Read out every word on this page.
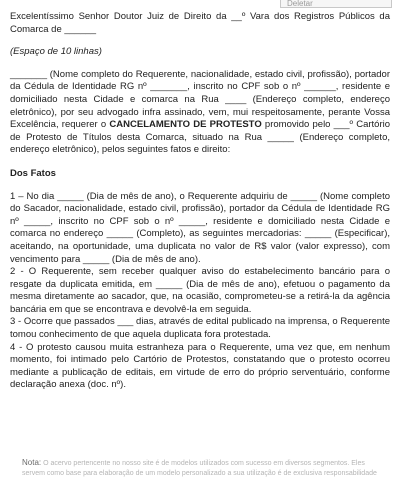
Deletar

Excelentíssimo Senhor Doutor Juiz de Direito da __º Vara dos Registros Públicos da Comarca de ______

(Espaço de 10 linhas)

_______ (Nome completo do Requerente, nacionalidade, estado civil, profissão), portador da Cédula de Identidade RG nº _______, inscrito no CPF sob o nº ______, residente e domiciliado nesta Cidade e comarca na Rua ____ (Endereço completo, endereço eletrônico), por seu advogado infra assinado, vem, mui respeitosamente, perante Vossa Excelência, requerer o CANCELAMENTO DE PROTESTO promovido pelo ___º Cartório de Protesto de Títulos desta Comarca, situado na Rua _____ (Endereço completo, endereço eletrônico), pelos seguintes fatos e direito:

Dos Fatos

1 – No dia _____ (Dia de mês de ano), o Requerente adquiriu de _____ (Nome completo do Sacador, nacionalidade, estado civil, profissão), portador da Cédula de Identidade RG nº _____, inscrito no CPF sob o nº _____, residente e domiciliado nesta Cidade e comarca no endereço _____ (Completo), as seguintes mercadorias: _____ (Especificar), aceitando, na oportunidade, uma duplicata no valor de R$ valor (valor expresso), com vencimento para _____ (Dia de mês de ano).

2 - O Requerente, sem receber qualquer aviso do estabelecimento bancário para o resgate da duplicata emitida, em _____ (Dia de mês de ano), efetuou o pagamento da mesma diretamente ao sacador, que, na ocasião, comprometeu-se a retirá-la da agência bancária em que se encontrava e devolvê-la em seguida.

3 - Ocorre que passados ___ dias, através de edital publicado na imprensa, o Requerente tomou conhecimento de que aquela duplicata fora protestada.

4 - O protesto causou muita estranheza para o Requerente, uma vez que, em nenhum momento, foi intimado pelo Cartório de Protestos, constatando que o protesto ocorreu mediante a publicação de editais, em virtude de erro do próprio serventuário, conforme declaração anexa (doc. nº).

Nota: O acervo pertencente no nosso site é de modelos utilizados com sucesso em diversos segmentos. Eles servem como base para elaboração de um modelo personalizado a sua utilização é de exclusiva responsabilidade
